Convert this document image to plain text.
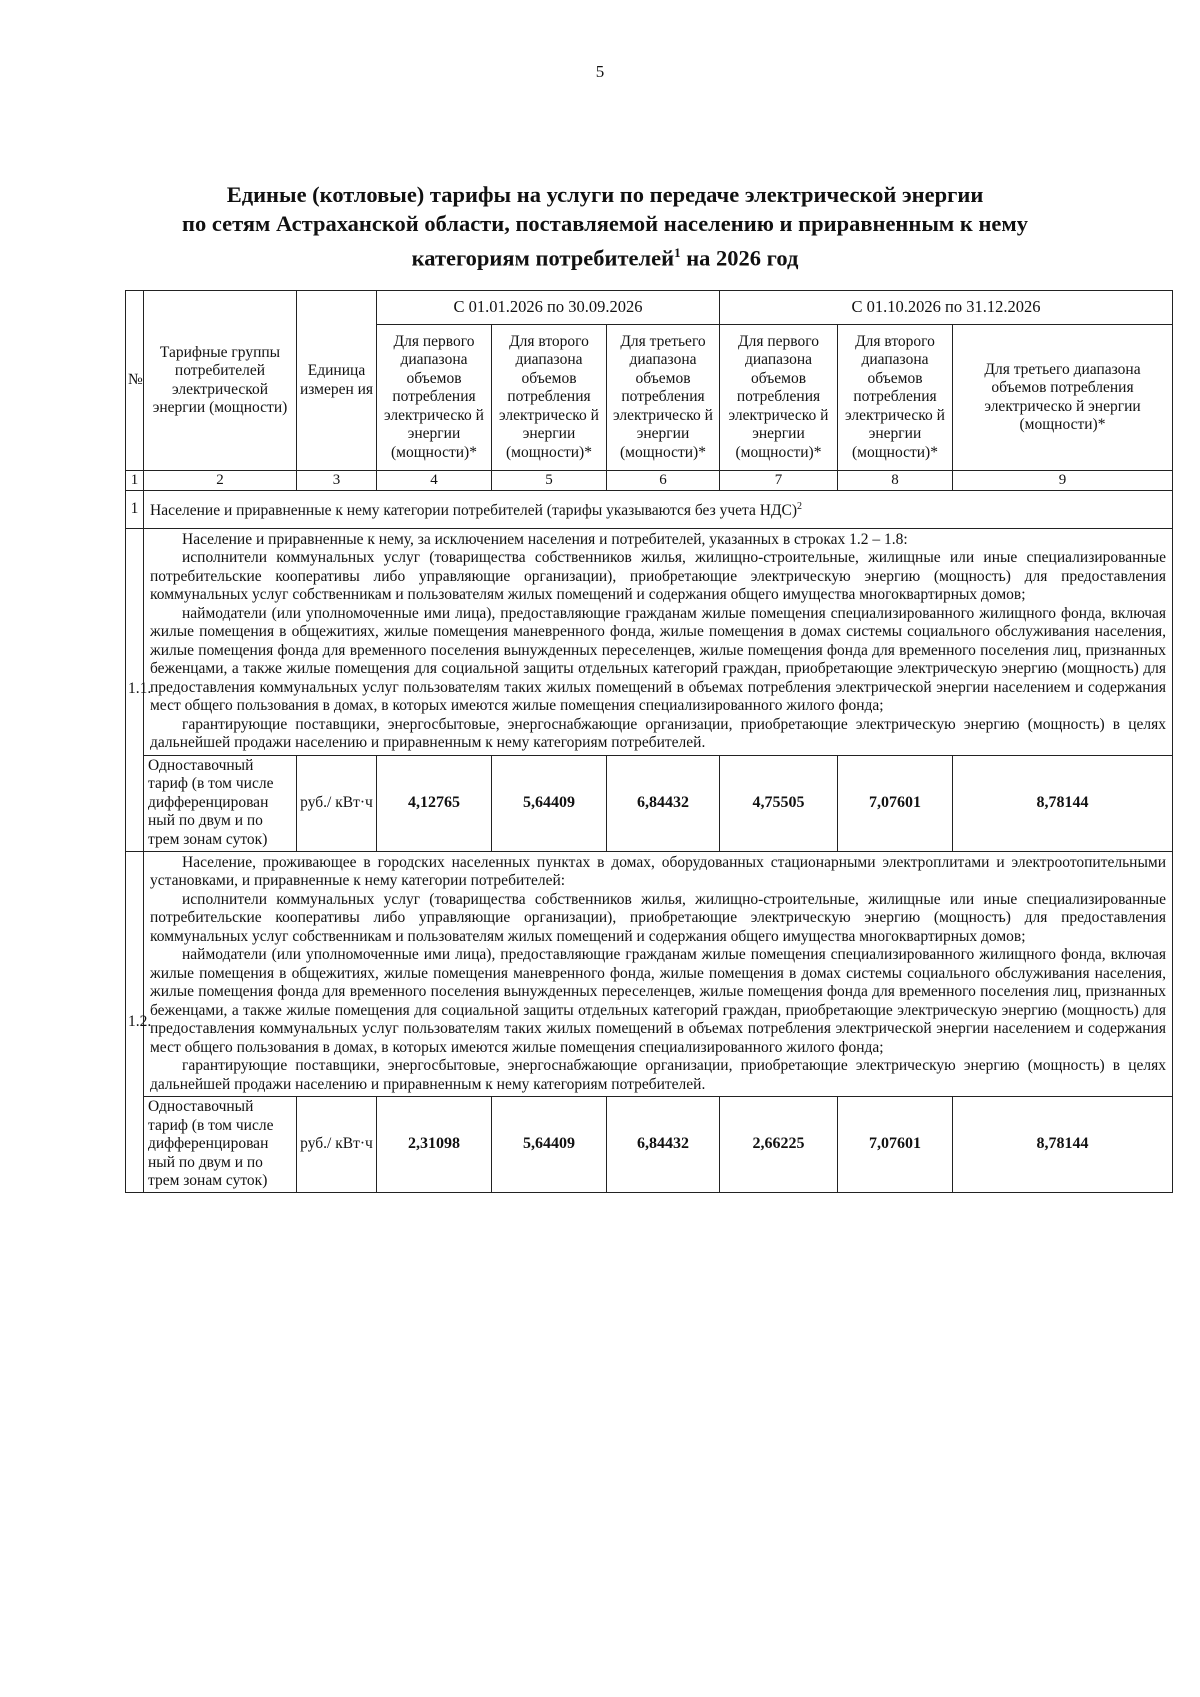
5
Единые (котловые) тарифы на услуги по передаче электрической энергии
по сетям Астраханской области, поставляемой населению и приравненным к нему
категориям потребителей$^1$ на 2026 год
№	Тарифные группы потребителей электрической энергии (мощности)	Единица измерен ия	С 01.01.2026 по 30.09.2026			С 01.10.2026 по 31.12.2026		
			Для первого диапазона объемов потребления электрическо й энергии (мощности)*	Для второго диапазона объемов потребления электрическо й энергии (мощности)*	Для третьего диапазона объемов потребления электрическо й энергии (мощности)*	Для первого диапазона объемов потребления электрическо й энергии (мощности)*	Для второго диапазона объемов потребления электрическо й энергии (мощности)*	Для третьего диапазона объемов потребления электрическо й энергии (мощности)*
1	2	3	4	5	6	7	8	9
1	Население и приравненные к нему категории потребителей (тарифы указываются без учета НДС)$^2$
1.1.	Население и приравненные к нему, за исключением населения и потребителей, указанных в строках 1.2 – 1.8:

исполнители коммунальных услуг (товарищества собственников жилья, жилищно-строительные, жилищные или иные специализированные потребительские кооперативы либо управляющие организации), приобретающие электрическую энергию (мощность) для предоставления коммунальных услуг собственникам и пользователям жилых помещений и содержания общего имущества многоквартирных домов;

наймодатели (или уполномоченные ими лица), предоставляющие гражданам жилые помещения специализированного жилищного фонда, включая жилые помещения в общежитиях, жилые помещения маневренного фонда, жилые помещения в домах системы социального обслуживания населения, жилые помещения фонда для временного поселения вынужденных переселенцев, жилые помещения фонда для временного поселения лиц, признанных беженцами, а также жилые помещения для социальной защиты отдельных категорий граждан, приобретающие электрическую энергию (мощность) для предоставления коммунальных услуг пользователям таких жилых помещений в объемах потребления электрической энергии населением и содержания мест общего пользования в домах, в которых имеются жилые помещения специализированного жилого фонда;

гарантирующие поставщики, энергосбытовые, энергоснабжающие организации, приобретающие электрическую энергию (мощность) в целях дальнейшей продажи населению и приравненным к нему категориям потребителей.							

	Одноставочный тариф (в том числе дифференцирован ный по двум и по трем зонам суток)	руб./ кВт·ч	4,12765	5,64409	6,84432	4,75505	7,07601	8,78144
1.2.	Население, проживающее в городских населенных пунктах в домах, оборудованных стационарными электроплитами и электроотопительными установками, и приравненные к нему категории потребителей:

исполнители коммунальных услуг (товарищества собственников жилья, жилищно-строительные, жилищные или иные специализированные потребительские кооперативы либо управляющие организации), приобретающие электрическую энергию (мощность) для предоставления коммунальных услуг собственникам и пользователям жилых помещений и содержания общего имущества многоквартирных домов;

наймодатели (или уполномоченные ими лица), предоставляющие гражданам жилые помещения специализированного жилищного фонда, включая жилые помещения в общежитиях, жилые помещения маневренного фонда, жилые помещения в домах системы социального обслуживания населения, жилые помещения фонда для временного поселения вынужденных переселенцев, жилые помещения фонда для временного поселения лиц, признанных беженцами, а также жилые помещения для социальной защиты отдельных категорий граждан, приобретающие электрическую энергию (мощность) для предоставления коммунальных услуг пользователям таких жилых помещений в объемах потребления электрической энергии населением и содержания мест общего пользования в домах, в которых имеются жилые помещения специализированного жилого фонда;

гарантирующие поставщики, энергосбытовые, энергоснабжающие организации, приобретающие электрическую энергию (мощность) в целях дальнейшей продажи населению и приравненным к нему категориям потребителей.							

	Одноставочный тариф (в том числе дифференцирован ный по двум и по трем зонам суток)	руб./ кВт·ч	2,31098	5,64409	6,84432	2,66225	7,07601	8,78144
